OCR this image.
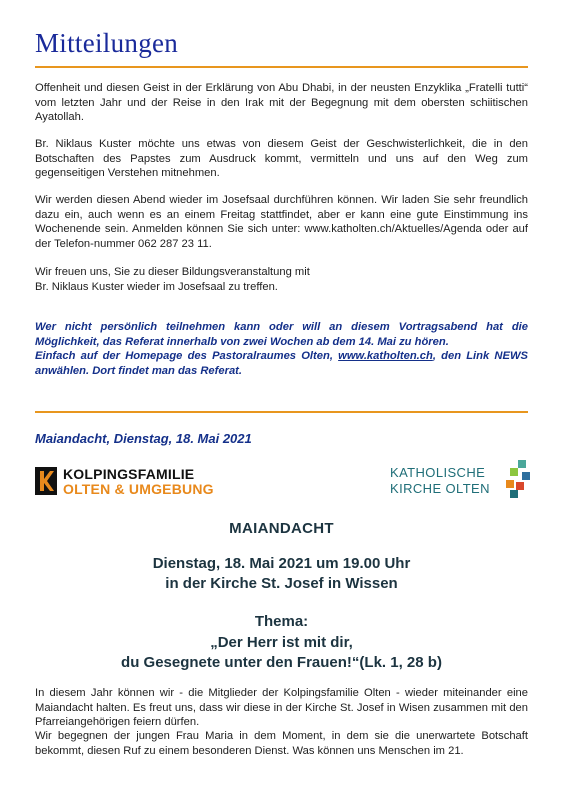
Mitteilungen

Offenheit und diesen Geist in der Erklärung von Abu Dhabi, in der neusten Enzyklika „Fratelli tutti“ vom letzten Jahr und der Reise in den Irak mit der Begegnung mit dem obersten schiitischen Ayatollah.

Br. Niklaus Kuster möchte uns etwas von diesem Geist der Geschwisterlichkeit, die in den Botschaften des Papstes zum Ausdruck kommt, vermitteln und uns auf den Weg zum gegenseitigen Verstehen mitnehmen.

Wir werden diesen Abend wieder im Josefsaal durchführen können. Wir laden Sie sehr freundlich dazu ein, auch wenn es an einem Freitag stattfindet, aber er kann eine gute Einstimmung ins Wochenende sein. Anmelden können Sie sich unter: www.katholten.ch/Aktuelles/Agenda oder auf der Telefon-nummer 062 287 23 11.

Wir freuen uns, Sie zu dieser Bildungsveranstaltung mit
Br. Niklaus Kuster wieder im Josefsaal zu treffen.

Wer nicht persönlich teilnehmen kann oder will an diesem Vortragsabend hat die Möglichkeit, das Referat innerhalb von zwei Wochen ab dem 14. Mai zu hören.

Einfach auf der Homepage des Pastoralraumes Olten, www.katholten.ch, den Link NEWS anwählen. Dort findet man das Referat.

Maiandacht, Dienstag, 18. Mai 2021
KOLPINGSFAMILIE
OLTEN & UMGEBUNG
KATHOLISCHE
KIRCHE OLTEN
MAIANDACHT
Dienstag, 18. Mai 2021 um 19.00 Uhr
in der Kirche St. Josef in Wissen
Thema:
„Der Herr ist mit dir,
du Gesegnete unter den Frauen!“(Lk. 1, 28 b)

In diesem Jahr können wir - die Mitglieder der Kolpingsfamilie Olten - wieder miteinander eine Maiandacht halten. Es freut uns, dass wir diese in der Kirche St. Josef in Wisen zusammen mit den Pfarreiangehörigen feiern dürfen.

Wir begegnen der jungen Frau Maria in dem Moment, in dem sie die unerwartete Botschaft bekommt, diesen Ruf zu einem besonderen Dienst. Was können uns Menschen im 21.
